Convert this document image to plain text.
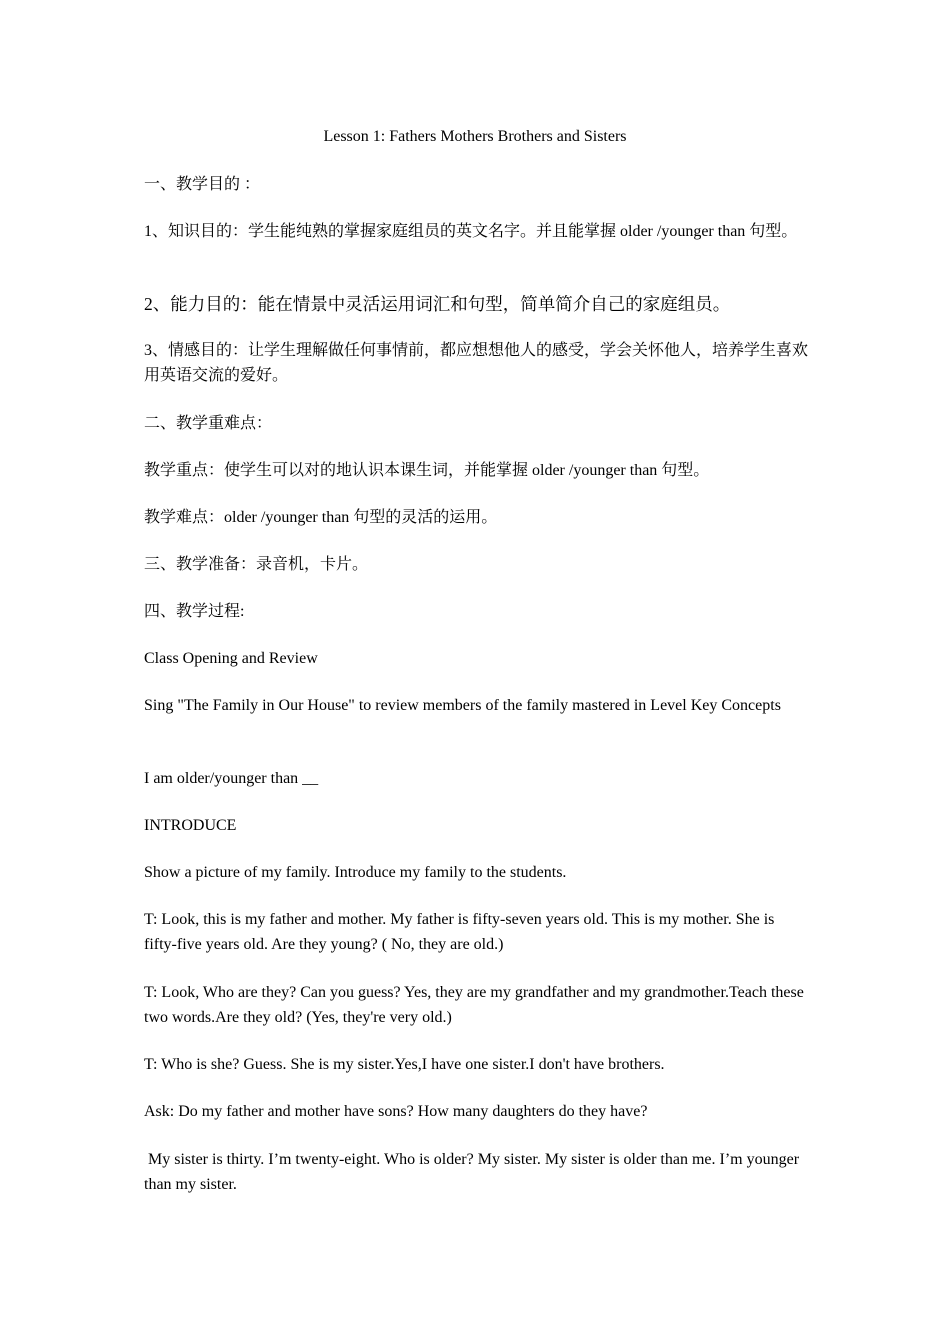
Lesson 1: Fathers Mothers Brothers and Sisters
一、教学目的 ：
1、知识目的：学生能纯熟的掌握家庭组员的英文名字。并且能掌握 older /younger than 句型。
2、能力目的：能在情景中灵活运用词汇和句型，简单简介自己的家庭组员。
3、情感目的：让学生理解做任何事情前，都应想想他人的感受，学会关怀他人，培养学生喜欢用英语交流的爱好。
二、教学重难点：
教学重点：使学生可以对的地认识本课生词，并能掌握 older /younger than 句型。
教学难点：older /younger than 句型的灵活的运用。
三、教学准备：录音机，卡片。
四、教学过程:
Class Opening and Review
Sing "The Family in Our House" to review members of the family mastered in Level Key Concepts
I am older/younger than __
INTRODUCE
Show a picture of my family. Introduce my family to the students.
T: Look, this is my father and mother. My father is fifty-seven years old. This is my mother. She is fifty-five years old. Are they young? ( No, they are old.)
T: Look, Who are they? Can you guess? Yes, they are my grandfather and my grandmother.Teach these two words.Are they old? (Yes, they're very old.)
T: Who is she? Guess. She is my sister.Yes,I have one sister.I don't have brothers.
Ask: Do my father and mother have sons? How many daughters do they have?
My sister is thirty. I’m twenty-eight. Who is older? My sister. My sister is older than me. I’m younger than my sister.
